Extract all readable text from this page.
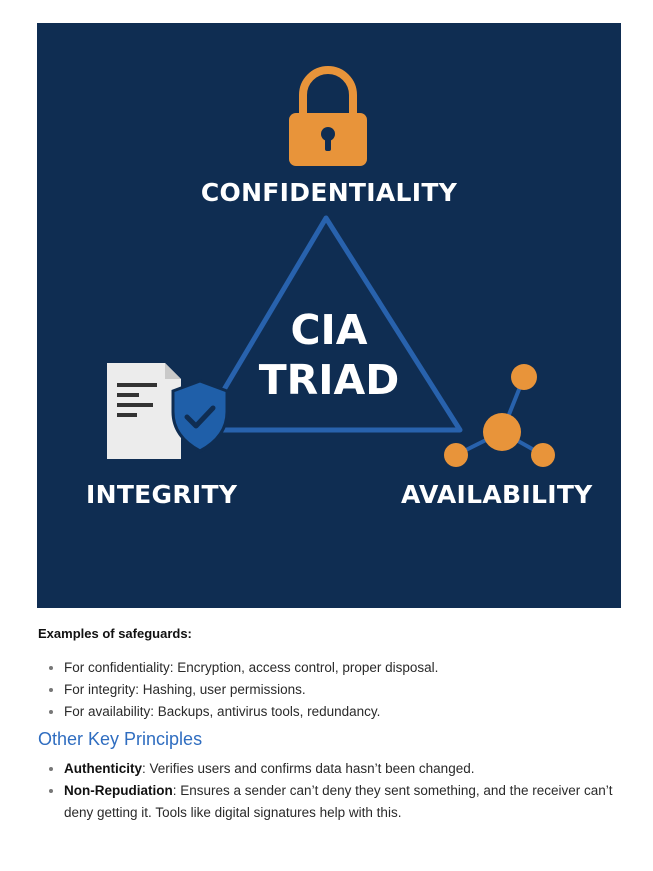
CONFIDENTIALITY
CIA
TRIAD
INTEGRITY	AVAILABILITY
Examples of safeguards:
• For confidentiality: Encryption, access control, proper disposal.
• For integrity: Hashing, user permissions.
• For availability: Backups, antivirus tools, redundancy.
Other Key Principles
• Authenticity: Verifies users and confirms data hasn’t been changed.
• Non-Repudiation: Ensures a sender can’t deny they sent something, and the receiver can’t deny getting it. Tools like digital signatures help with this.
